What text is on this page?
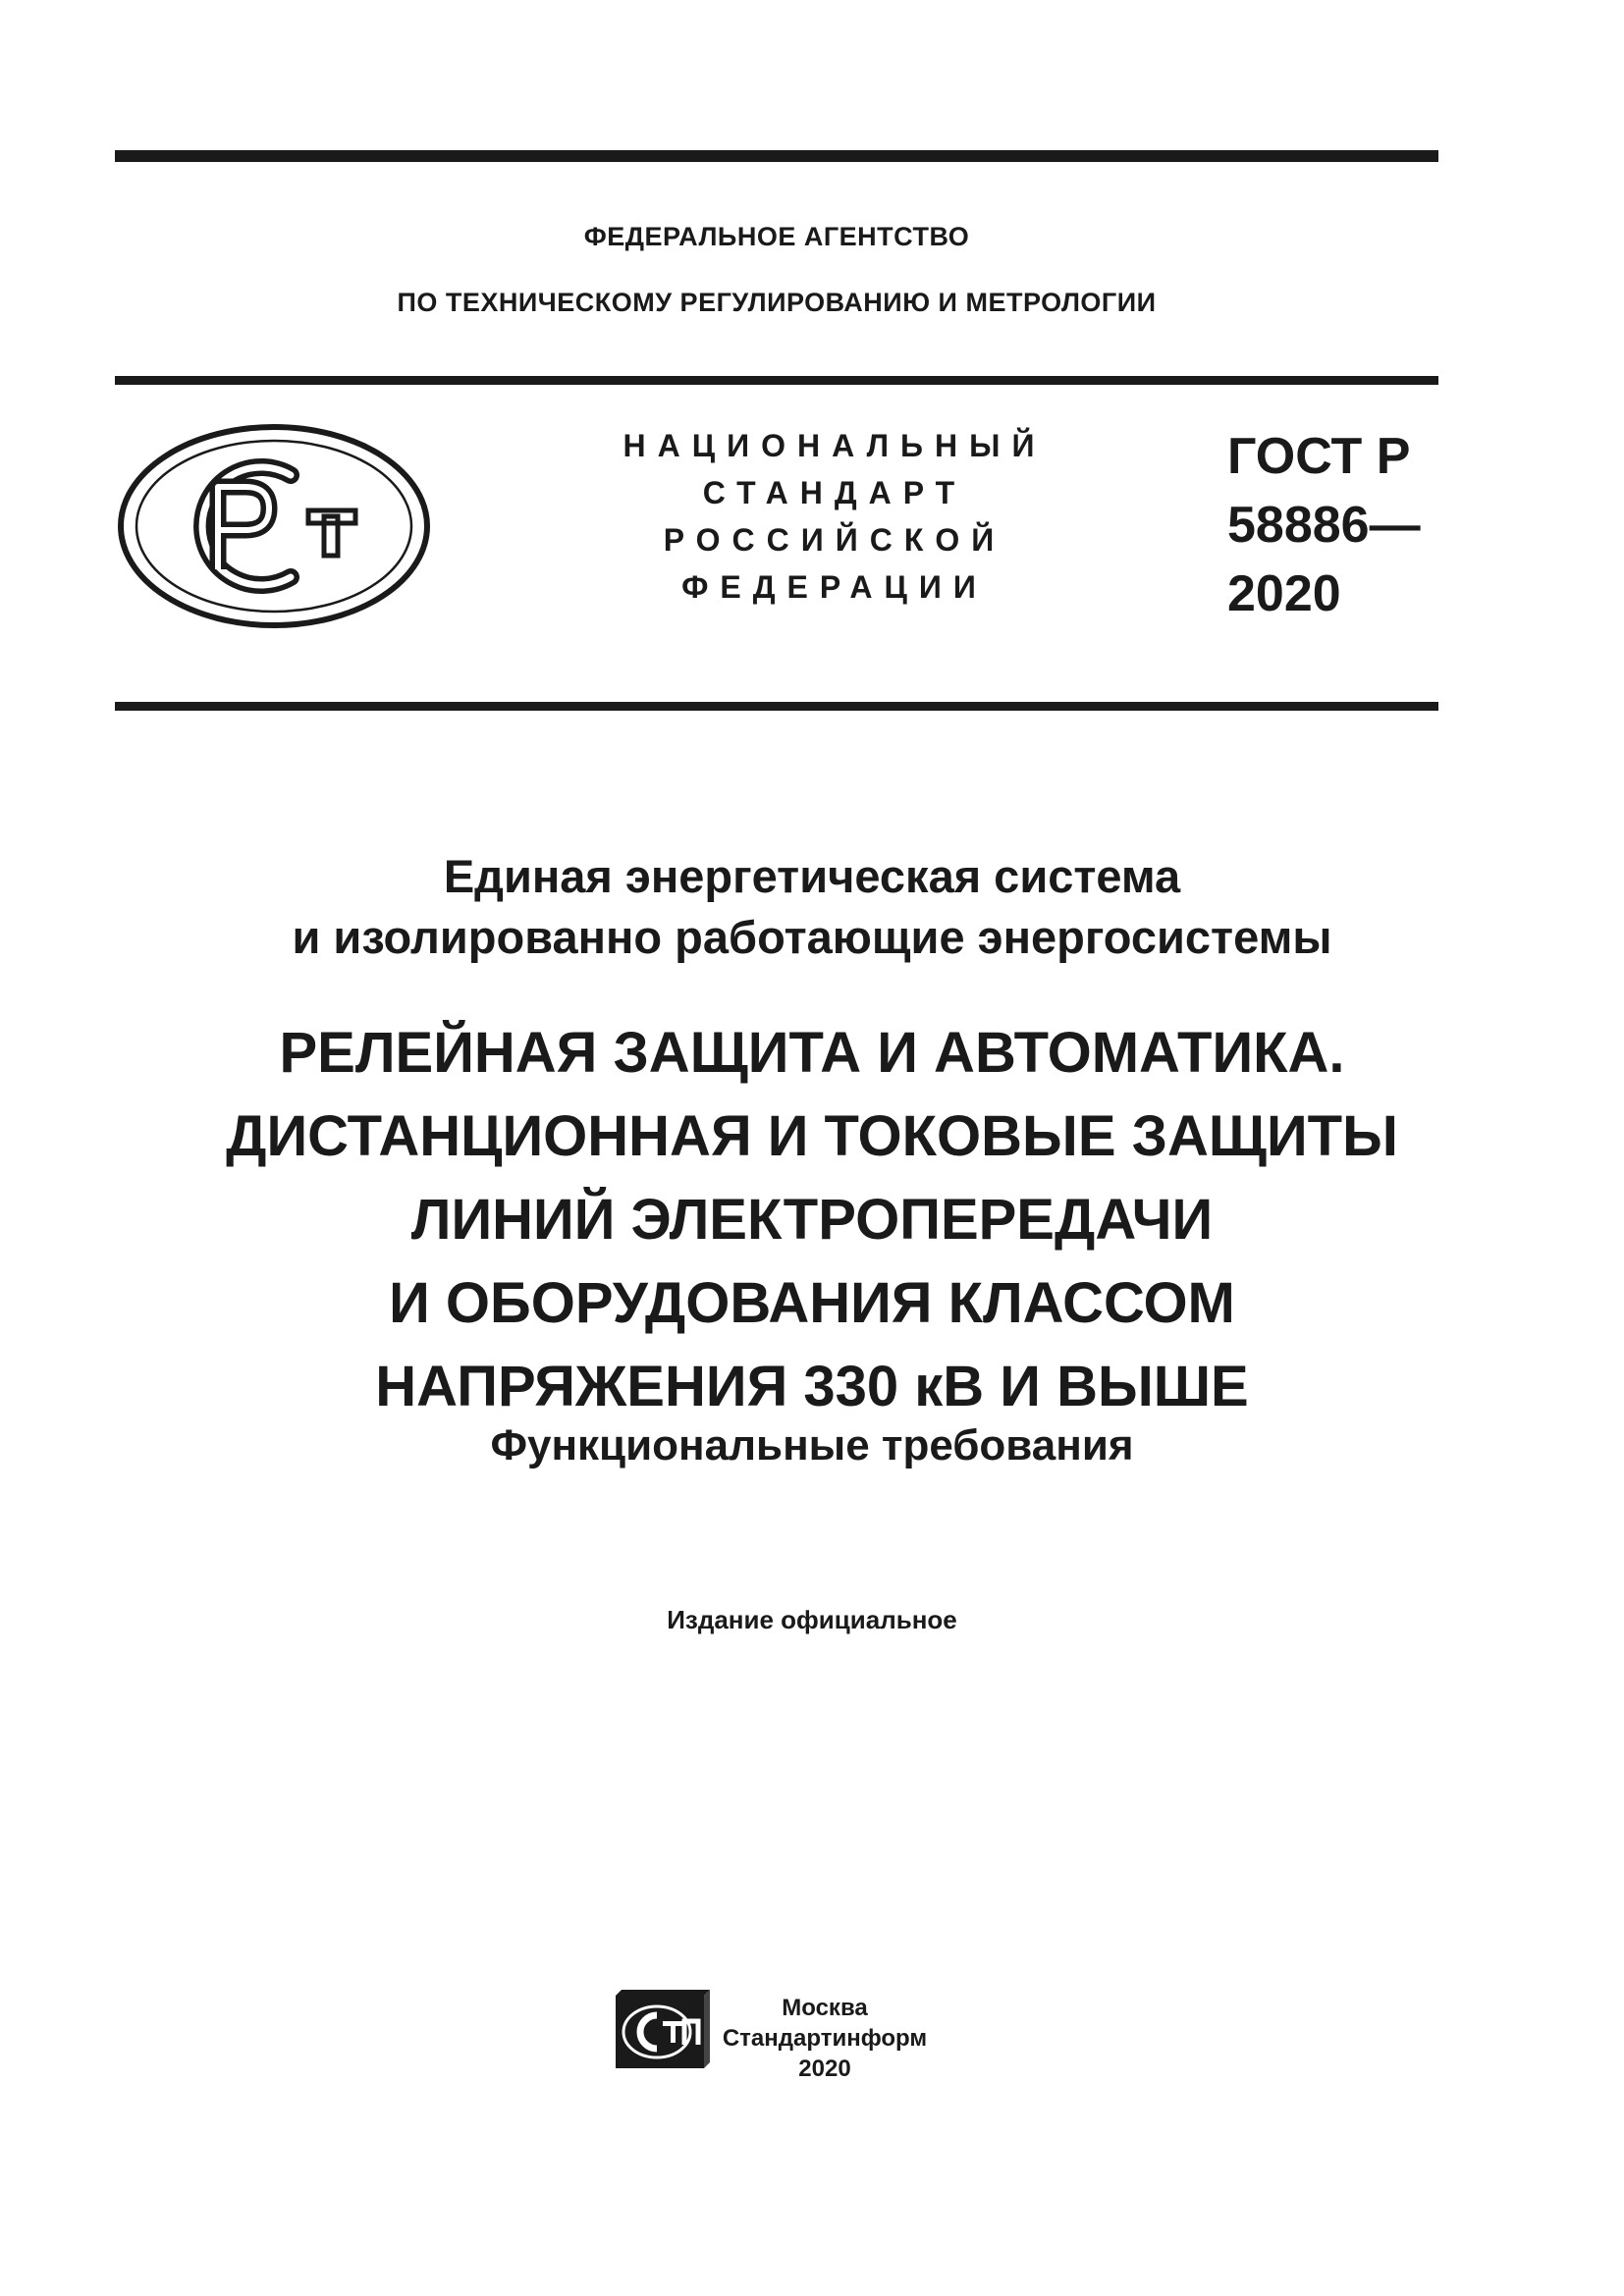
ФЕДЕРАЛЬНОЕ АГЕНТСТВО
ПО ТЕХНИЧЕСКОМУ РЕГУЛИРОВАНИЮ И МЕТРОЛОГИИ
НАЦИОНАЛЬНЫЙ
СТАНДАРТ
РОССИЙСКОЙ
ФЕДЕРАЦИИ
ГОСТ Р
58886—
2020
Единая энергетическая система
и изолированно работающие энергосистемы
РЕЛЕЙНАЯ ЗАЩИТА И АВТОМАТИКА.
ДИСТАНЦИОННАЯ И ТОКОВЫЕ ЗАЩИТЫ
ЛИНИЙ ЭЛЕКТРОПЕРЕДАЧИ
И ОБОРУДОВАНИЯ КЛАССОМ
НАПРЯЖЕНИЯ 330 кВ И ВЫШЕ
Функциональные требования
Издание официальное
Москва
Стандартинформ
2020
